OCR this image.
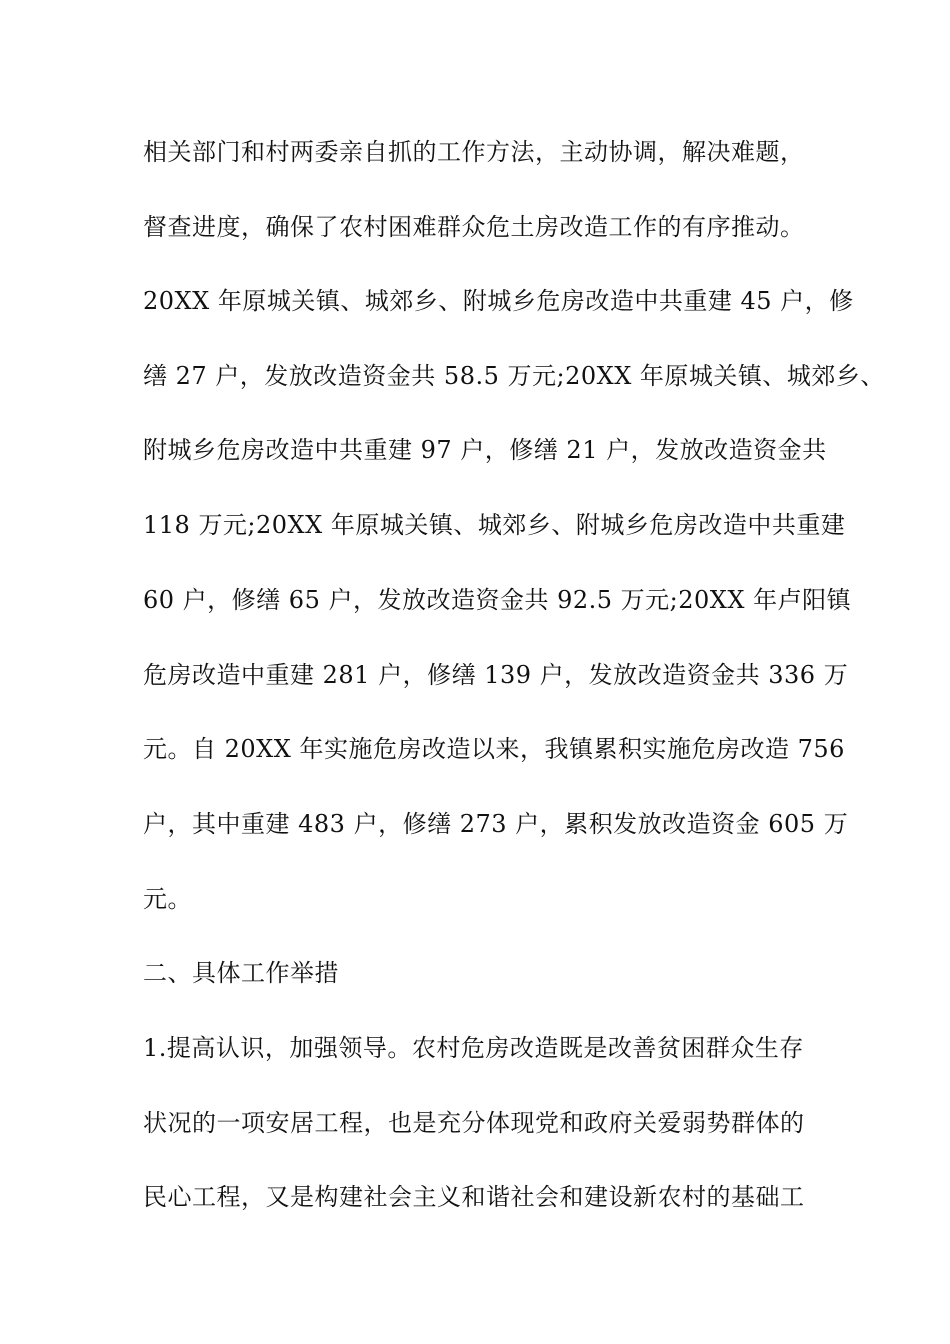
相关部门和村两委亲自抓的工作方法，主动协调，解决难题，
督查进度，确保了农村困难群众危土房改造工作的有序推动。
20XX 年原城关镇、城郊乡、附城乡危房改造中共重建 45 户，修
缮 27 户，发放改造资金共 58.5 万元;20XX 年原城关镇、城郊乡、
附城乡危房改造中共重建 97 户，修缮 21 户，发放改造资金共
118 万元;20XX 年原城关镇、城郊乡、附城乡危房改造中共重建
60 户，修缮 65 户，发放改造资金共 92.5 万元;20XX 年卢阳镇
危房改造中重建 281 户，修缮 139 户，发放改造资金共 336 万
元。自 20XX 年实施危房改造以来，我镇累积实施危房改造 756
户，其中重建 483 户，修缮 273 户，累积发放改造资金 605 万
元。
二、具体工作举措
1.提高认识，加强领导。农村危房改造既是改善贫困群众生存
状况的一项安居工程，也是充分体现党和政府关爱弱势群体的
民心工程，又是构建社会主义和谐社会和建设新农村的基础工
